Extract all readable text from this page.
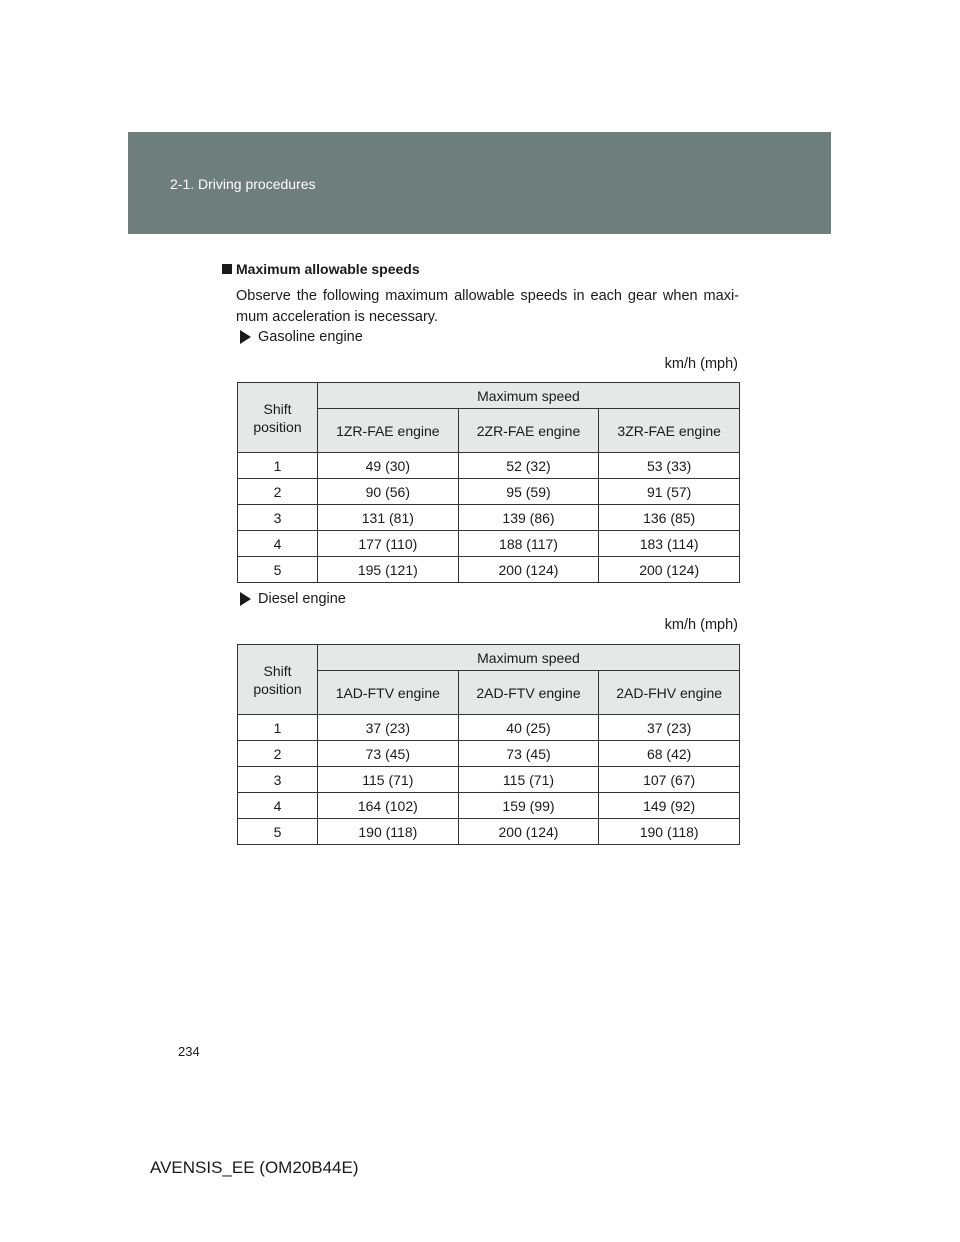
2-1. Driving procedures
Maximum allowable speeds
Observe the following maximum allowable speeds in each gear when maxi-
mum acceleration is necessary.
Gasoline engine
km/h (mph)
Shift position	Maximum speed		
	1ZR-FAE engine	2ZR-FAE engine	3ZR-FAE engine
1	49 (30)	52 (32)	53 (33)
2	90 (56)	95 (59)	91 (57)
3	131 (81)	139 (86)	136 (85)
4	177 (110)	188 (117)	183 (114)
5	195 (121)	200 (124)	200 (124)
Diesel engine
km/h (mph)
Shift position	Maximum speed		
	1AD-FTV engine	2AD-FTV engine	2AD-FHV engine
1	37 (23)	40 (25)	37 (23)
2	73 (45)	73 (45)	68 (42)
3	115 (71)	115 (71)	107 (67)
4	164 (102)	159 (99)	149 (92)
5	190 (118)	200 (124)	190 (118)
234
AVENSIS_EE (OM20B44E)
